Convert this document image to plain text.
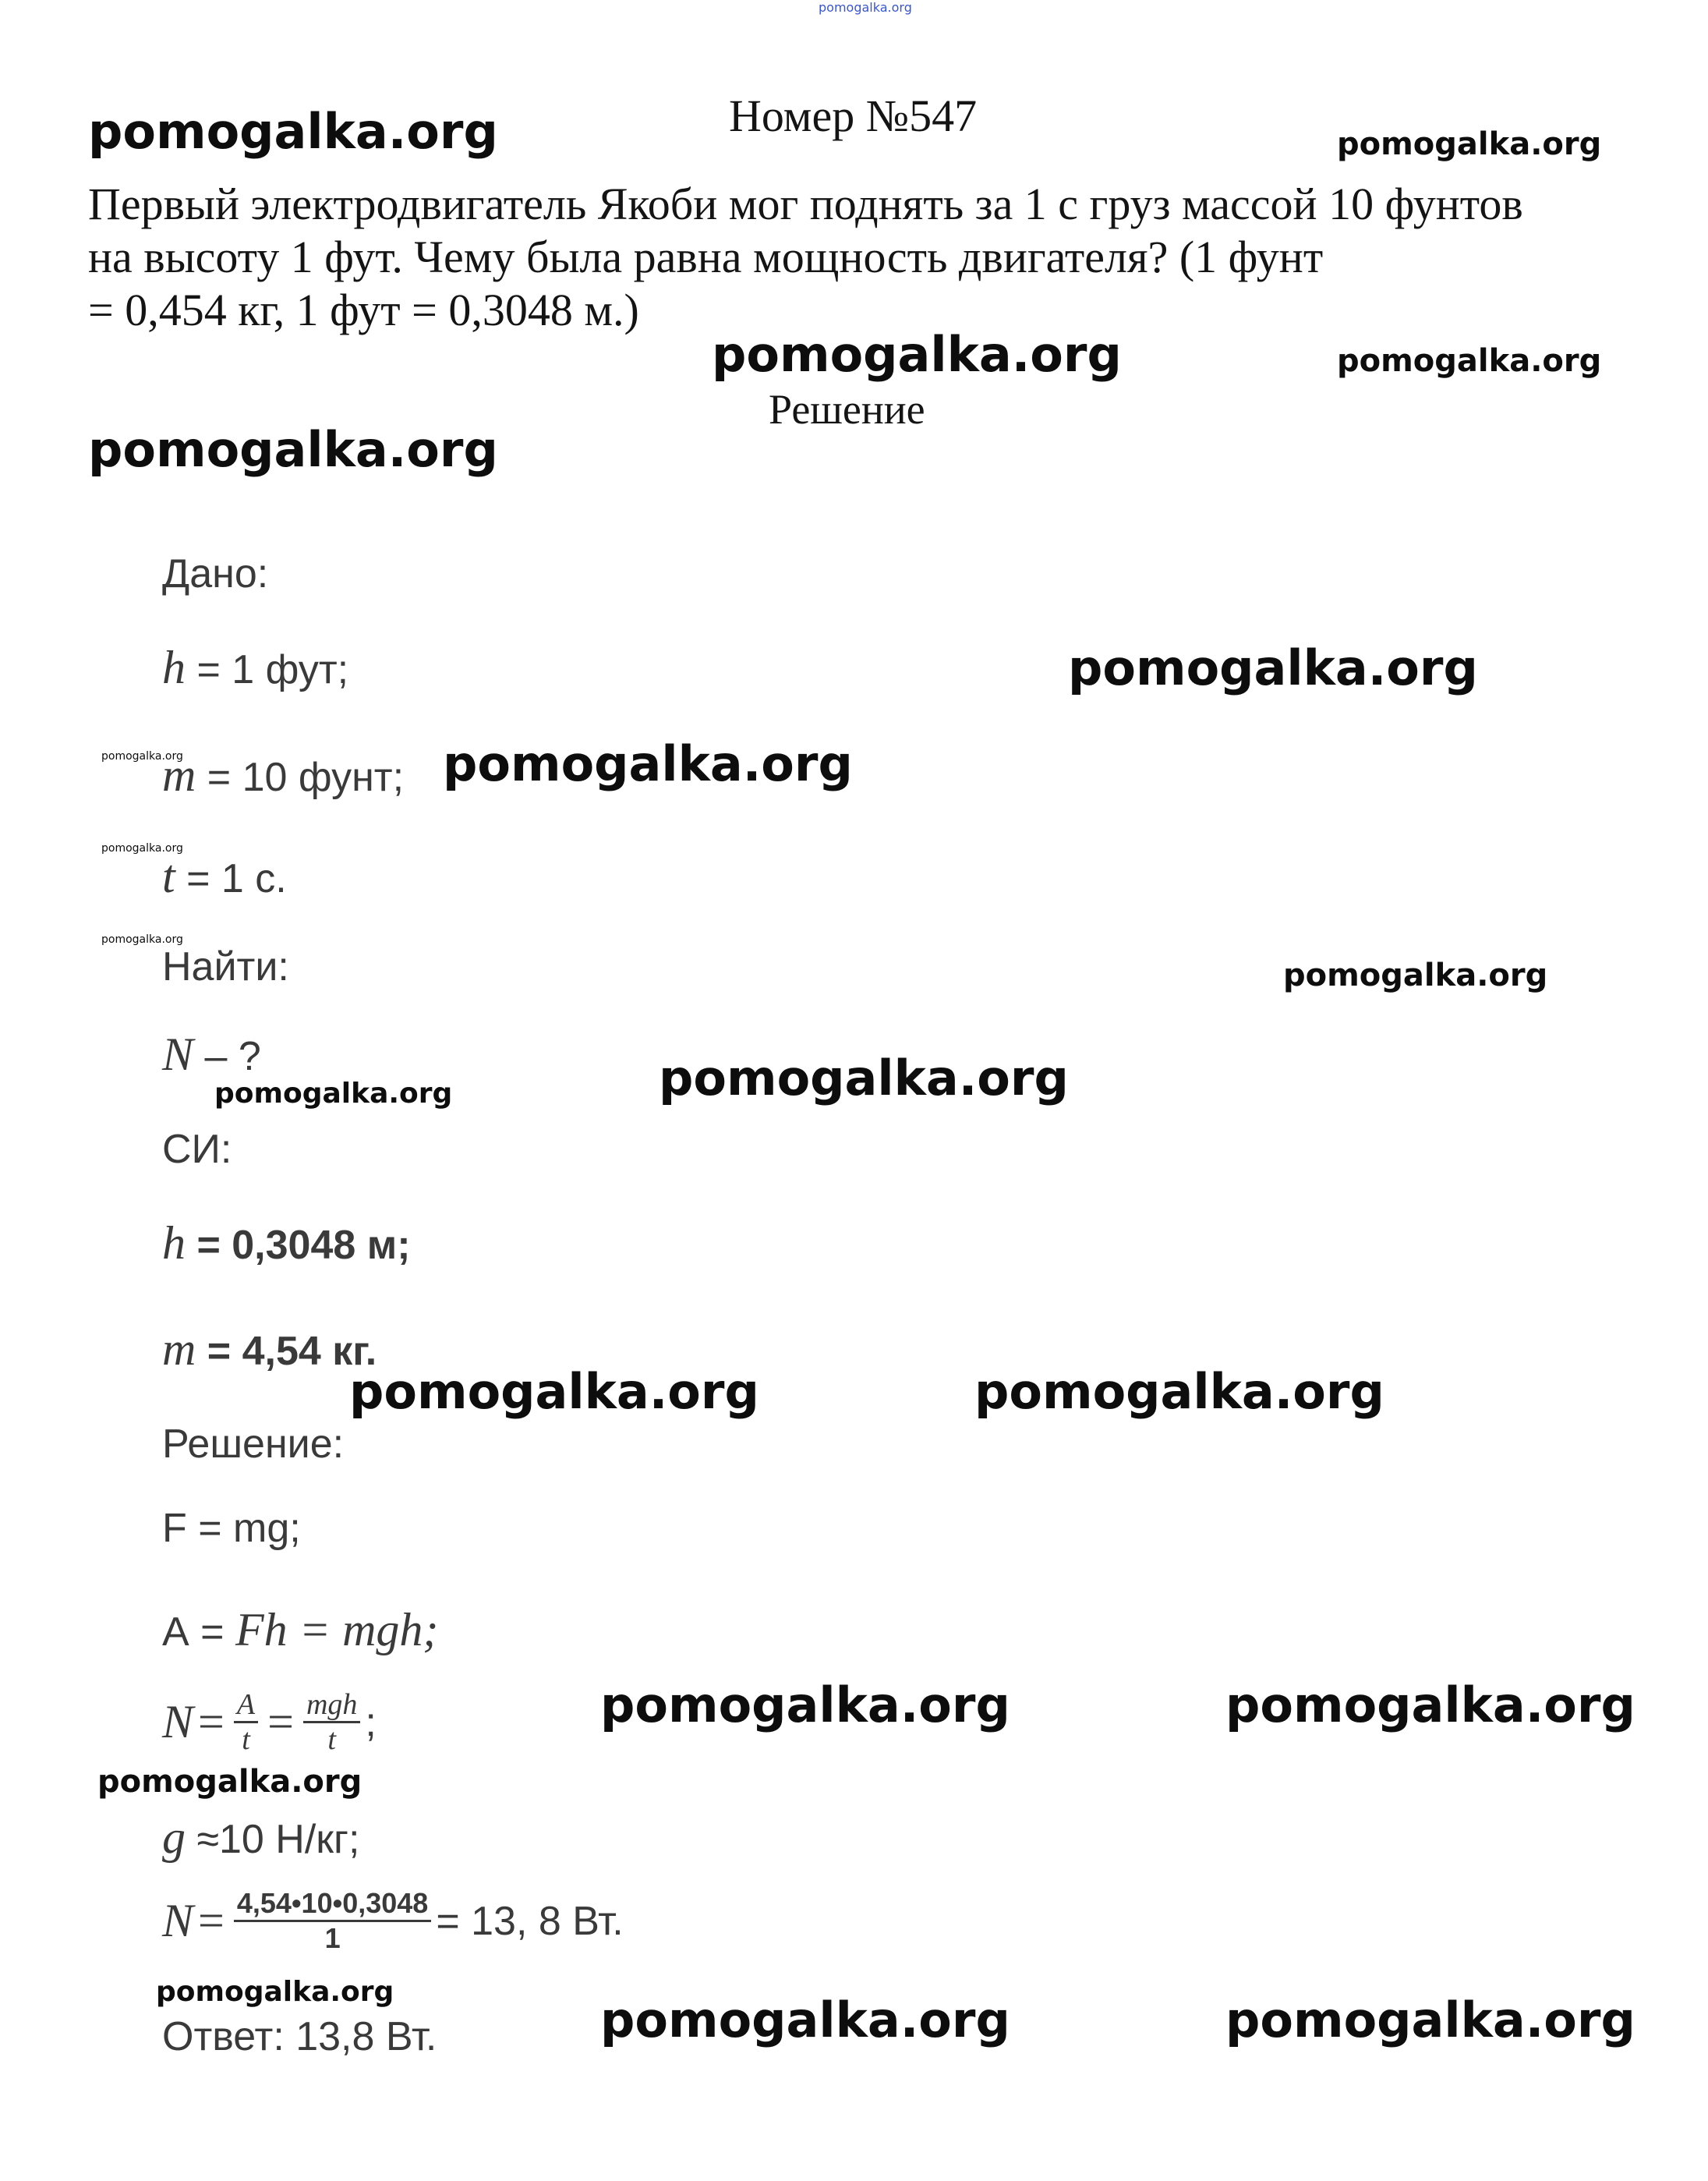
pomogalka.org
pomogalka.org	Номер №547
pomogalka.org
Первый электродвигатель Якоби мог поднять за 1 с груз массой 10 фунтов
на высоту 1 фут. Чему была равна мощность двигателя? (1 фунт
= 0,454 кг, 1 фут = 0,3048 м.)
pomogalka.org	pomogalka.org
Решение
pomogalka.org
Дано:
h = 1 фут;	pomogalka.org
pomogalka.org
m = 10 фунт; pomogalka.org
pomogalka.org
t = 1 с.
pomogalka.org
Найти:	pomogalka.org
N – ?
pomogalka.org	pomogalka.org
СИ:
h = 0,3048 м;
m = 4,54 кг.
pomogalka.org	pomogalka.org
Решение:
F = mg;
А = Fh = mgh;
$N = \frac{A}{t} = \frac{\text{mgh}}{t}$ ;	pomogalka.org	pomogalka.org
pomogalka.org
g ≈10 Н/кг;
$N = \frac{4,54•10•0,3048}{1} = 13$, 8 Вт.
pomogalka.org
Ответ: 13,8 Вт.	pomogalka.org	pomogalka.org
